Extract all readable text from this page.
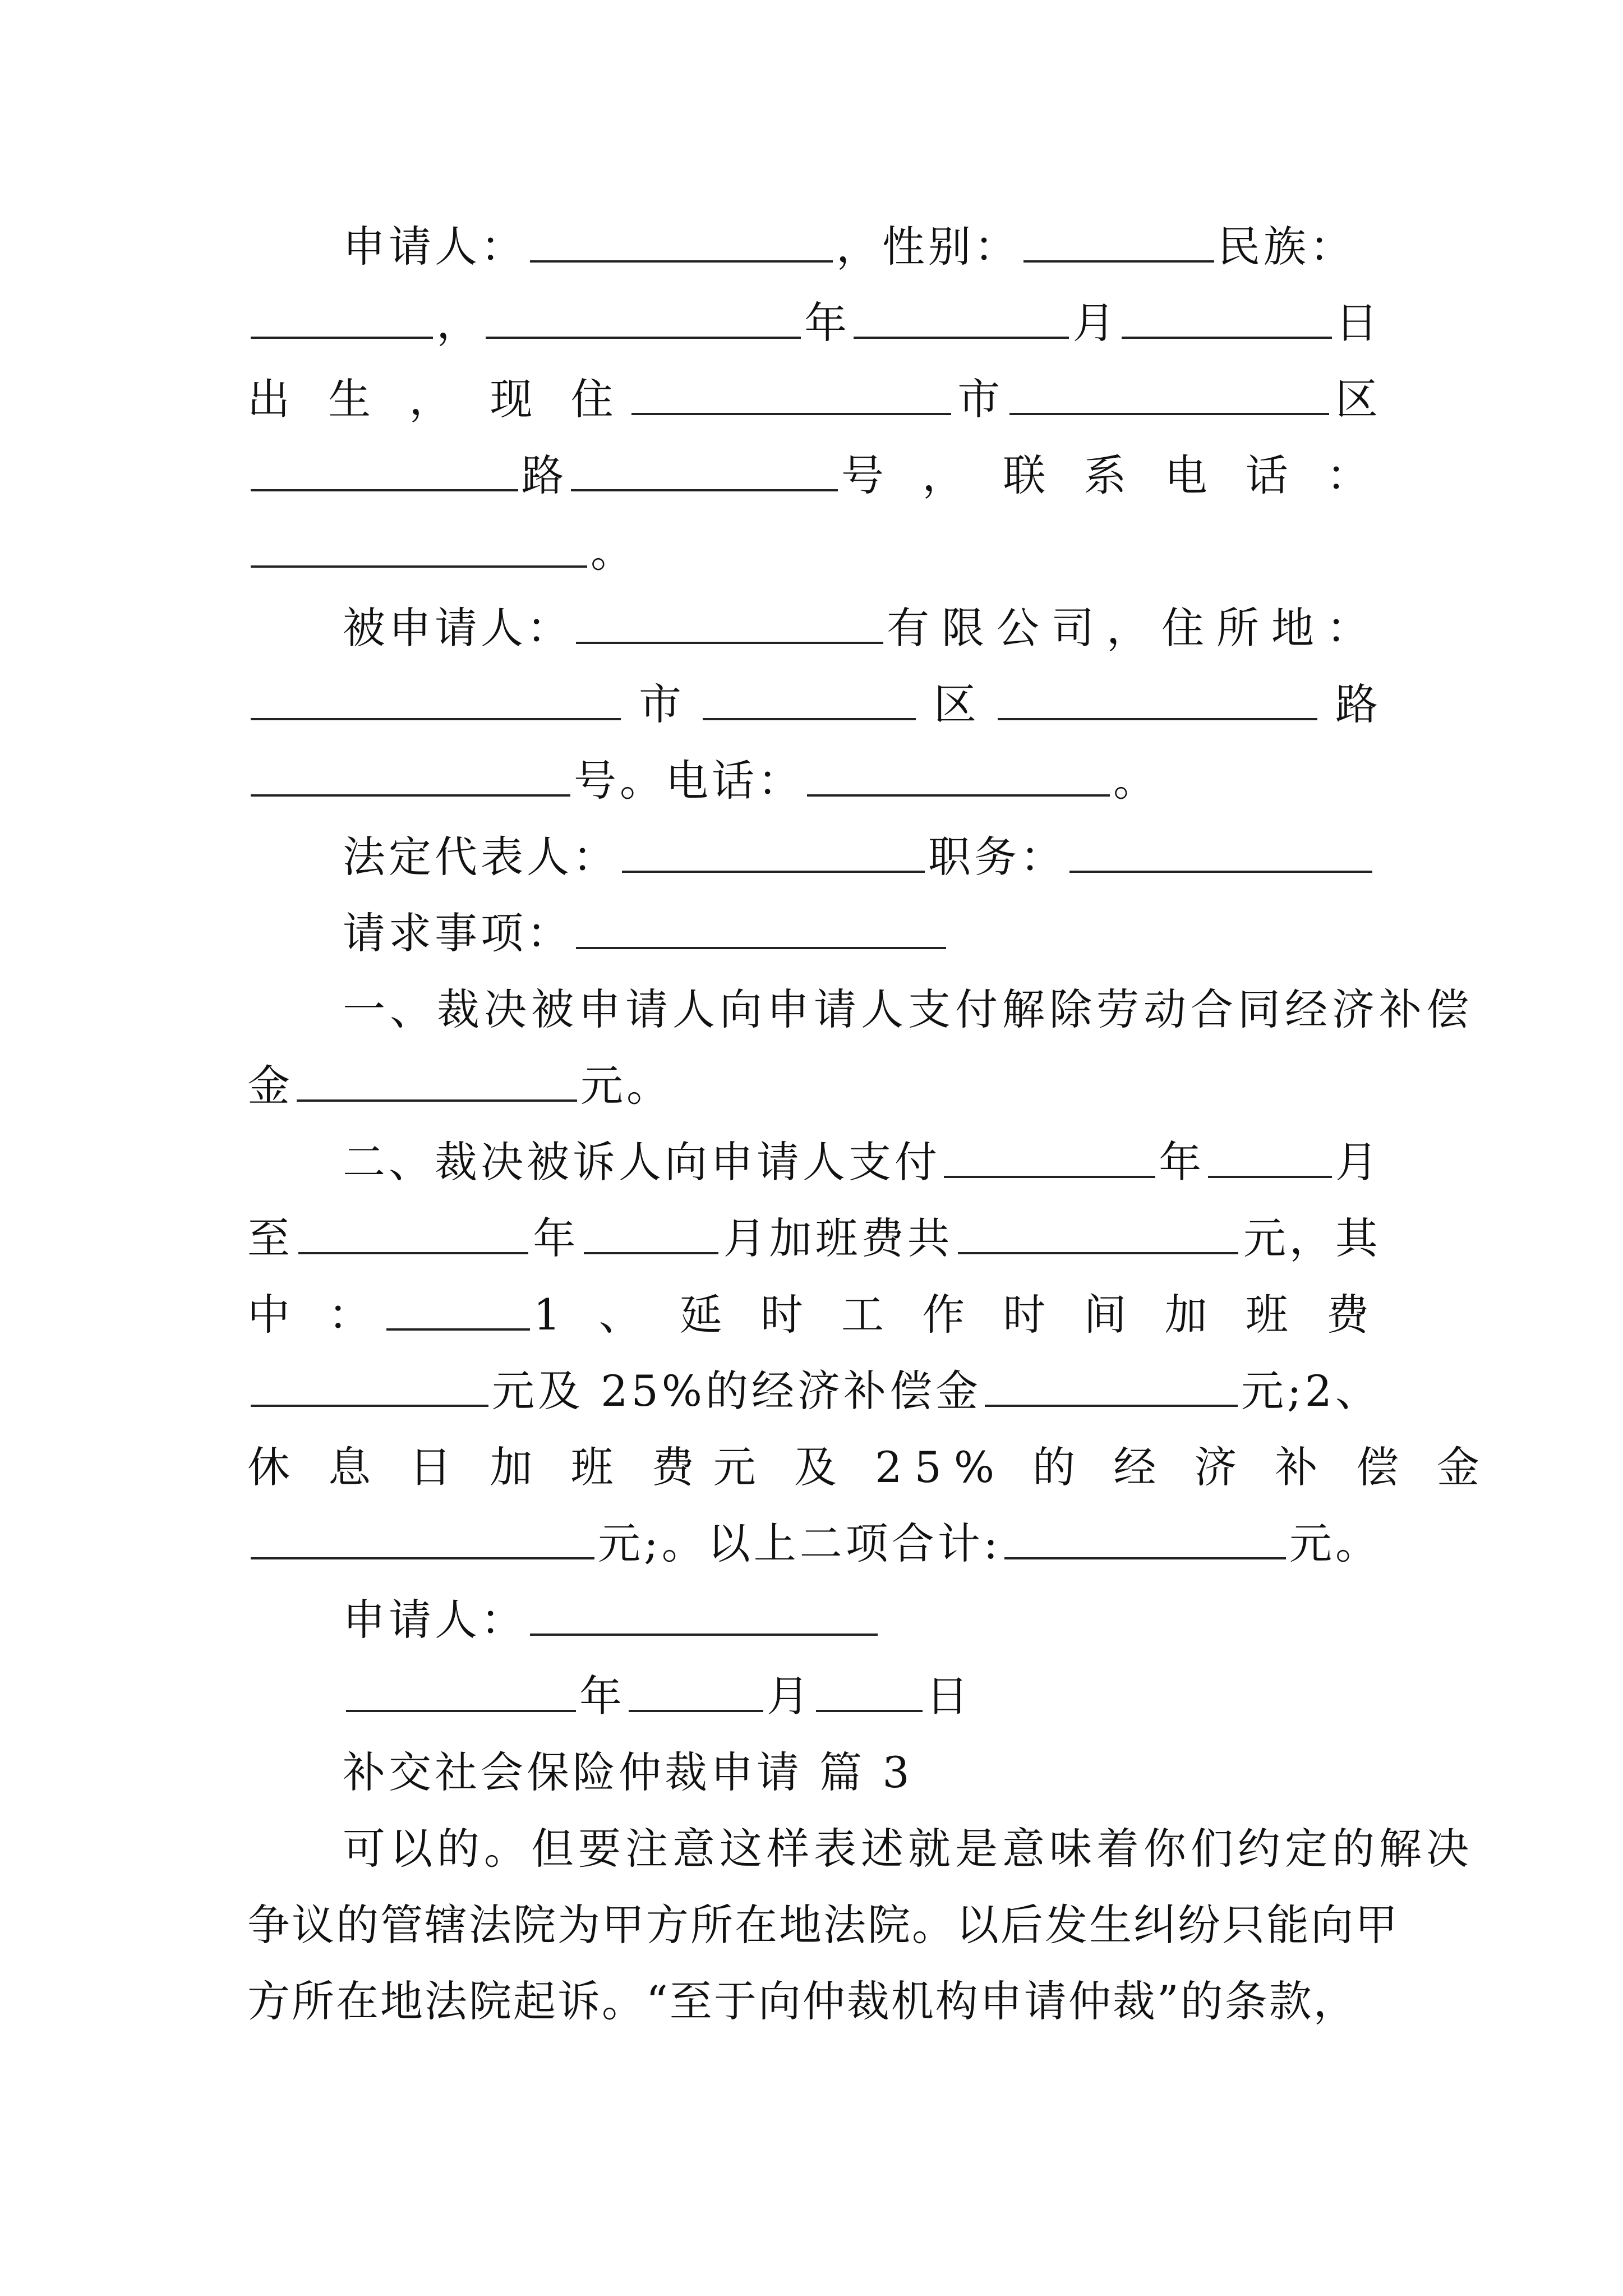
申请人：	，性别：	民族：
，	年	月	日
出 生 ， 现 住	市	区
路	号 ， 联 系 电 话 ：
。
被申请人：	有限公司，住所地：
市	区	路
号。电话：	。
法定代表人：	职务：
请求事项：
一、裁决被申请人向申请人支付解除劳动合同经济补偿
金	元。
二、裁决被诉人向申请人支付	年	月
至	年	月加班费共	元，其
中 ：	1 、 延 时 工 作 时 间 加 班 费
元及 25%的经济补偿金	元;2、
休 息 日 加 班 费 元 及 25% 的 经 济 补 偿 金
元;。以上二项合计:	元。
申请人：
年	月	日
补交社会保险仲裁申请 篇 3
可以的。但要注意这样表述就是意味着你们约定的解决
争议的管辖法院为甲方所在地法院。以后发生纠纷只能向甲
方所在地法院起诉。“至于向仲裁机构申请仲裁”的条款，
